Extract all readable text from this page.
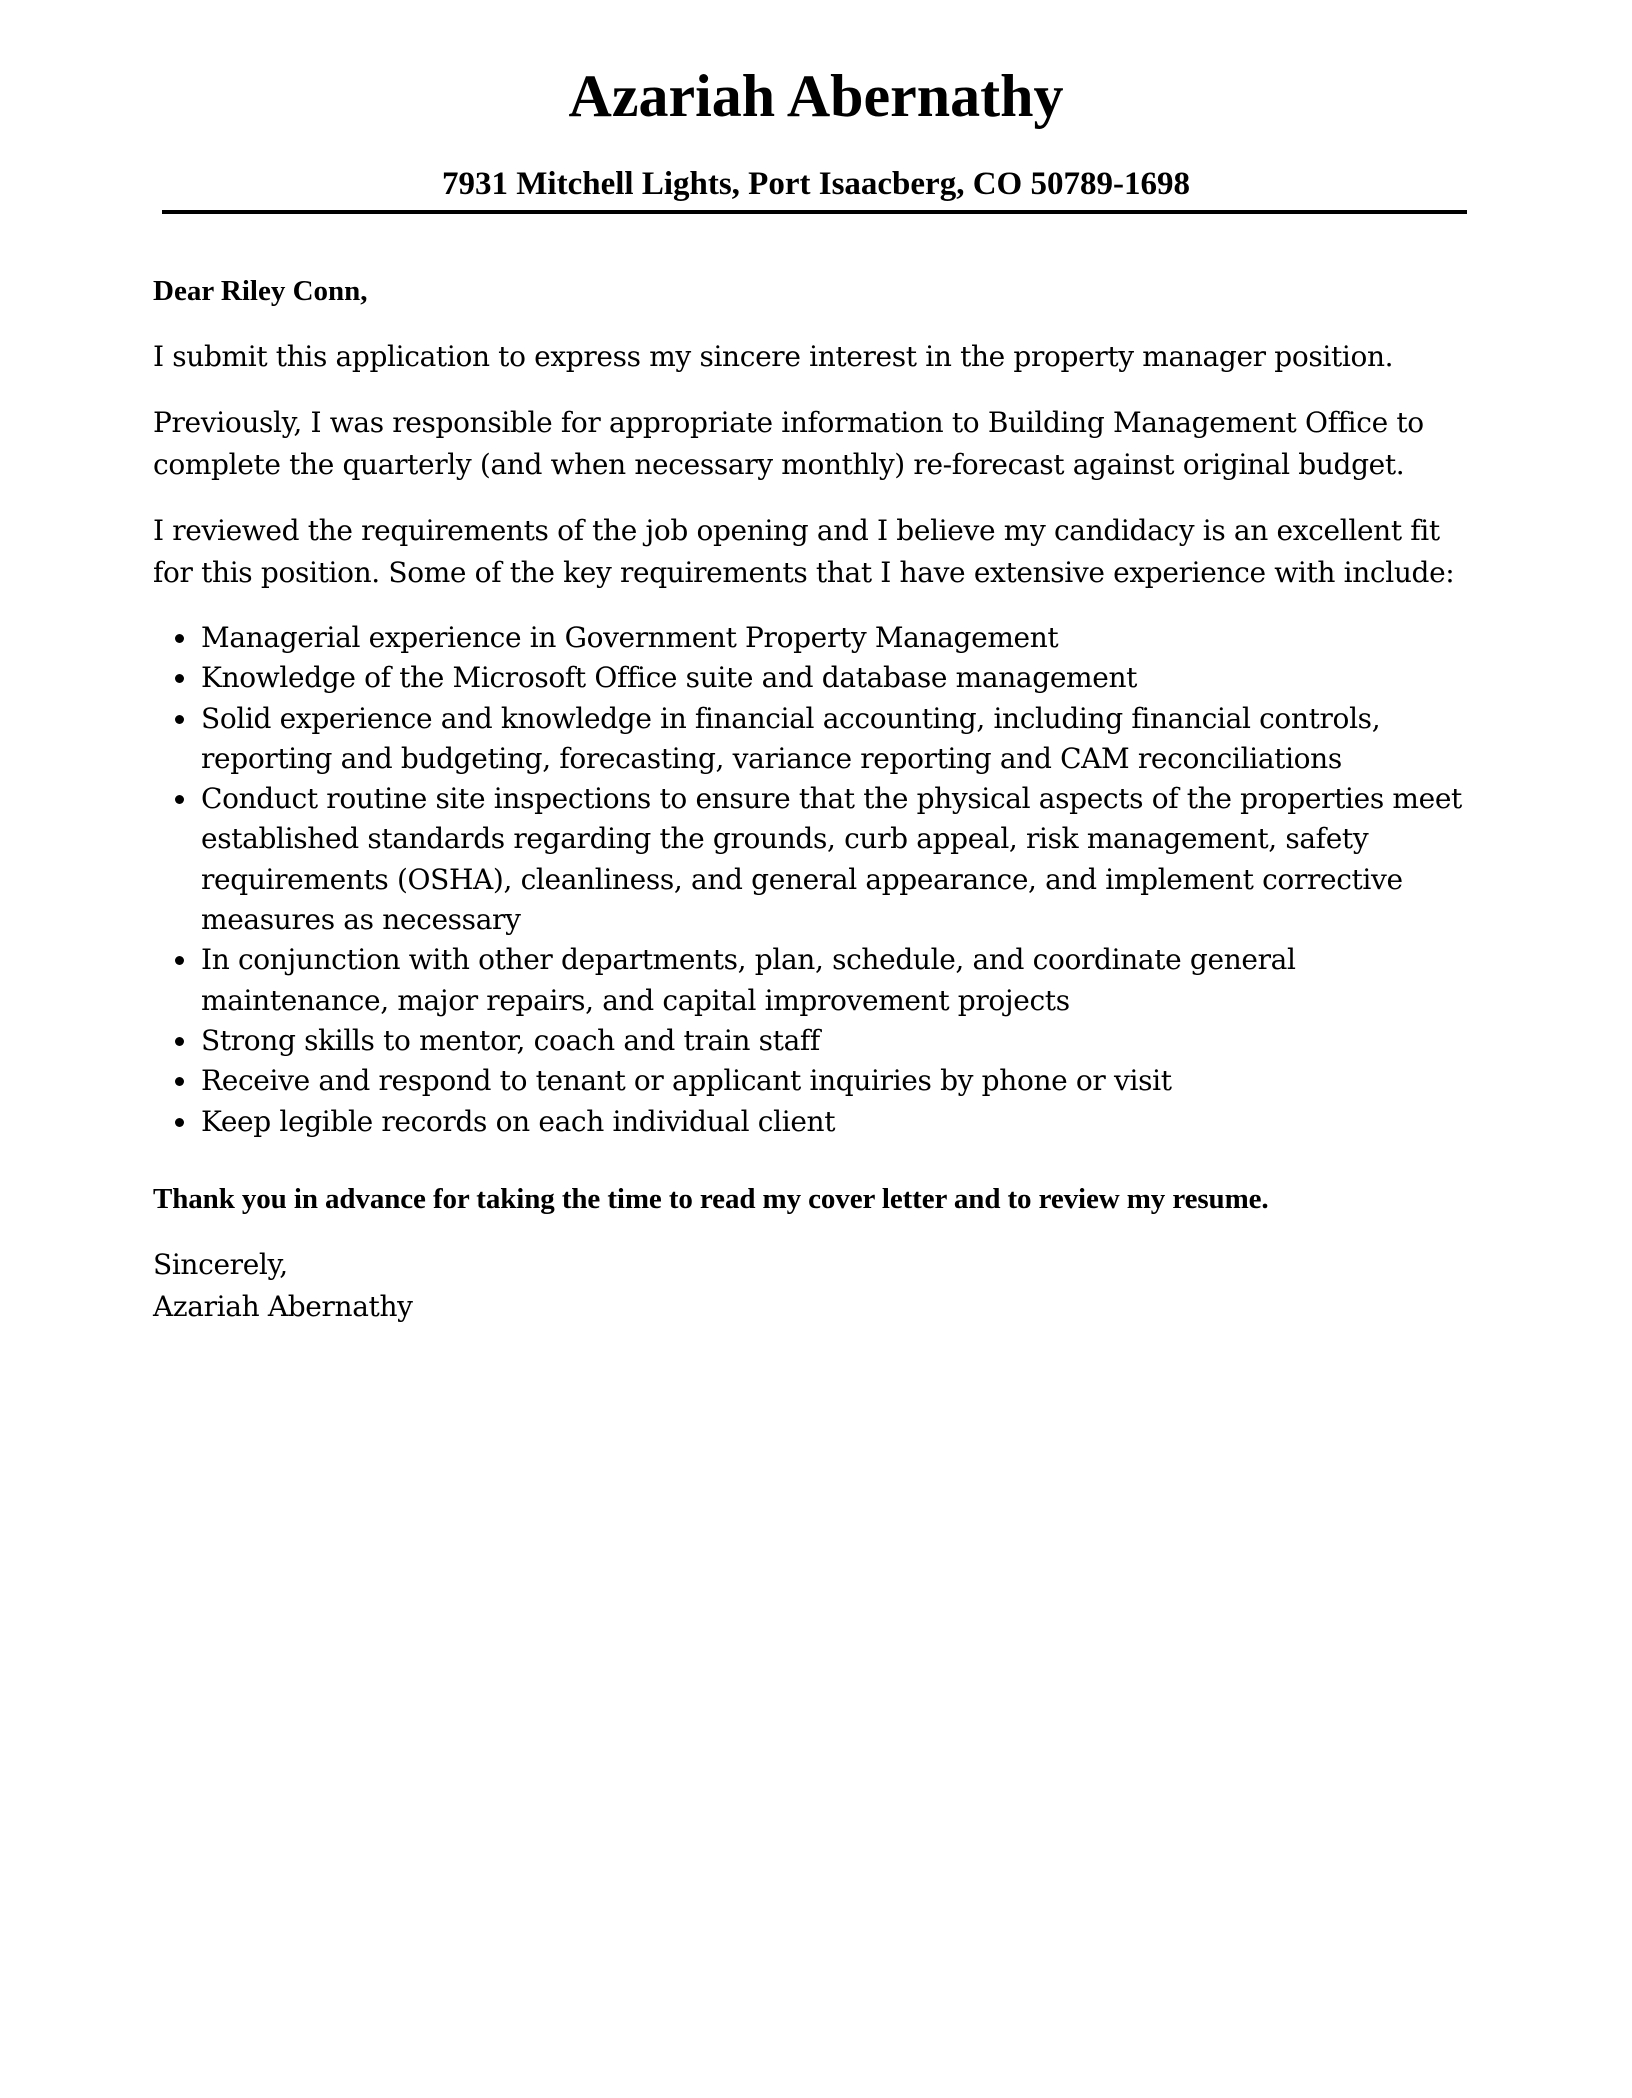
Azariah Abernathy
7931 Mitchell Lights, Port Isaacberg, CO 50789-1698

Dear Riley Conn,

I submit this application to express my sincere interest in the property manager position.

Previously, I was responsible for appropriate information to Building Management Office to complete the quarterly (and when necessary monthly) re-forecast against original budget.

I reviewed the requirements of the job opening and I believe my candidacy is an excellent fit for this position. Some of the key requirements that I have extensive experience with include:

Managerial experience in Government Property Management
Knowledge of the Microsoft Office suite and database management
Solid experience and knowledge in financial accounting, including financial controls, reporting and budgeting, forecasting, variance reporting and CAM reconciliations
Conduct routine site inspections to ensure that the physical aspects of the properties meet established standards regarding the grounds, curb appeal, risk management, safety requirements (OSHA), cleanliness, and general appearance, and implement corrective measures as necessary
In conjunction with other departments, plan, schedule, and coordinate general maintenance, major repairs, and capital improvement projects
Strong skills to mentor, coach and train staff
Receive and respond to tenant or applicant inquiries by phone or visit
Keep legible records on each individual client

Thank you in advance for taking the time to read my cover letter and to review my resume.

Sincerely,

Azariah Abernathy
